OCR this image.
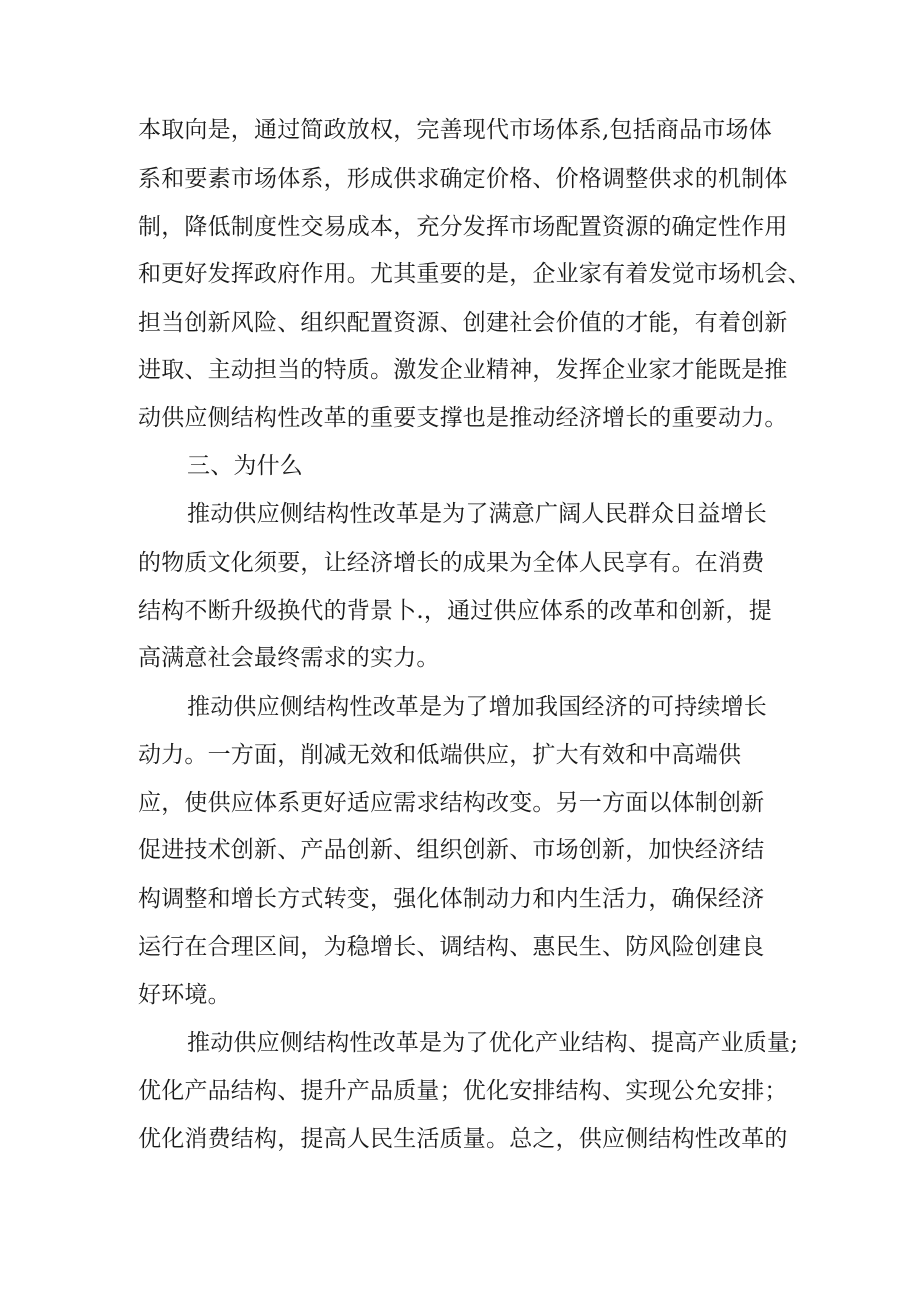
本取向是，通过简政放权，完善现代市场体系,包括商品市场体
系和要素市场体系，形成供求确定价格、价格调整供求的机制体
制，降低制度性交易成本，充分发挥市场配置资源的确定性作用
和更好发挥政府作用。尤其重要的是，企业家有着发觉市场机会、
担当创新风险、组织配置资源、创建社会价值的才能，有着创新
进取、主动担当的特质。激发企业精神，发挥企业家才能既是推
动供应侧结构性改革的重要支撑也是推动经济增长的重要动力。
三、为什么
推动供应侧结构性改革是为了满意广阔人民群众日益增长
的物质文化须要，让经济增长的成果为全体人民享有。在消费
结构不断升级换代的背景卜.，通过供应体系的改革和创新，提
高满意社会最终需求的实力。
推动供应侧结构性改革是为了增加我国经济的可持续增长
动力。一方面，削减无效和低端供应，扩大有效和中高端供
应，使供应体系更好适应需求结构改变。另一方面以体制创新
促进技术创新、产品创新、组织创新、市场创新，加快经济结
构调整和增长方式转变，强化体制动力和内生活力，确保经济
运行在合理区间，为稳增长、调结构、惠民生、防风险创建良
好环境。
推动供应侧结构性改革是为了优化产业结构、提高产业质量;
优化产品结构、提升产品质量；优化安排结构、实现公允安排；
优化消费结构，提高人民生活质量。总之，供应侧结构性改革的
